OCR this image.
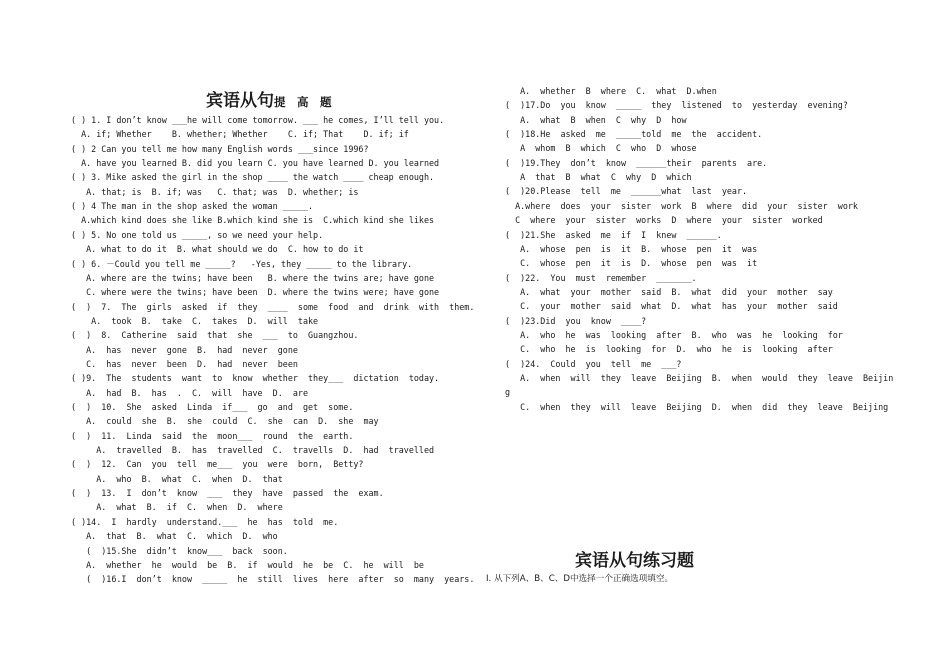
宾语从句提　高　题
( ) 1. I don’t know ___he will come tomorrow. ___ he comes, I’ll tell you.
A. if; Whether    B. whether; Whether    C. if; That    D. if; if
( ) 2 Can you tell me how many English words ___since 1996?
A. have you learned B. did you learn C. you have learned D. you learned
( ) 3. Mike asked the girl in the shop ____ the watch ____ cheap enough.
A. that; is  B. if; was   C. that; was  D. whether; is
( ) 4 The man in the shop asked the woman _____.
A.which kind does she like B.which kind she is  C.which kind she likes
( ) 5. No one told us _____, so we need your help.
A. what to do it  B. what should we do  C. how to do it
( ) 6. －Could you tell me _____?   -Yes, they _____ to the library.
A. where are the twins; have been   B. where the twins are; have gone
C. where were the twins; have been  D. where the twins were; have gone
(  )  7.  The  girls  asked  if  they  ____  some  food  and  drink  with  them.
A.  took  B.  take  C.  takes  D.  will  take
(  )  8.  Catherine  said  that  she  ___  to  Guangzhou.
A.  has  never  gone  B.  had  never  gone
C.  has  never  been  D.  had  never  been
( )9.  The  students  want  to  know  whether  they___  dictation  today.
A.  had  B.  has  .  C.  will  have  D.  are
(  )  10.  She  asked  Linda  if___  go  and  get  some.
A.  could  she  B.  she  could  C.  she  can  D.  she  may
(  )  11.  Linda  said  the  moon___  round  the  earth.
A.  travelled  B.  has  travelled  C.  travells  D.  had  travelled
(  )  12.  Can  you  tell  me___  you  were  born,  Betty?
A.  who  B.  what  C.  when  D.  that
(  )  13.  I  don’t  know  ___  they  have  passed  the  exam.
A.  what  B.  if  C.  when  D.  where
( )14.  I  hardly  understand.___  he  has  told  me.
A.  that  B.  what  C.  which  D.  who
(  )15.She  didn’t  know___  back  soon.
A.  whether  he  would  be  B.  if  would  he  be  C.  he  will  be
(  )16.I  don’t  know  _____  he  still  lives  here  after  so  many  years.
A.  whether  B  where  C.  what  D.when
(  )17.Do  you  know  _____  they  listened  to  yesterday  evening?
A.  what  B  when  C  why  D  how
(  )18.He  asked  me  _____told  me  the  accident.
A  whom  B  which  C  who  D  whose
(  )19.They  don’t  know  ______their  parents  are.
A  that  B  what  C  why  D  which
(  )20.Please  tell  me  ______what  last  year.
A.where  does  your  sister  work  B  where  did  your  sister  work
C  where  your  sister  works  D  where  your  sister  worked
(  )21.She  asked  me  if  I  knew  ______.
A.  whose  pen  is  it  B.  whose  pen  it  was
C.  whose  pen  it  is  D.  whose  pen  was  it
(  )22.  You  must  remember  _______.
A.  what  your  mother  said  B.  what  did  your  mother  say
C.  your  mother  said  what  D.  what  has  your  mother  said
(  )23.Did  you  know  ____?
A.  who  he  was  looking  after  B.  who  was  he  looking  for
C.  who  he  is  looking  for  D.  who  he  is  looking  after
(  )24.  Could  you  tell  me  ___?
A.  when  will  they  leave  Beijing  B.  when  would  they  leave  Beijin
g
C.  when  they  will  leave  Beijing  D.  when  did  they  leave  Beijing
宾语从句练习题
I. 从下列A、B、C、D中选择一个正确选项填空。
